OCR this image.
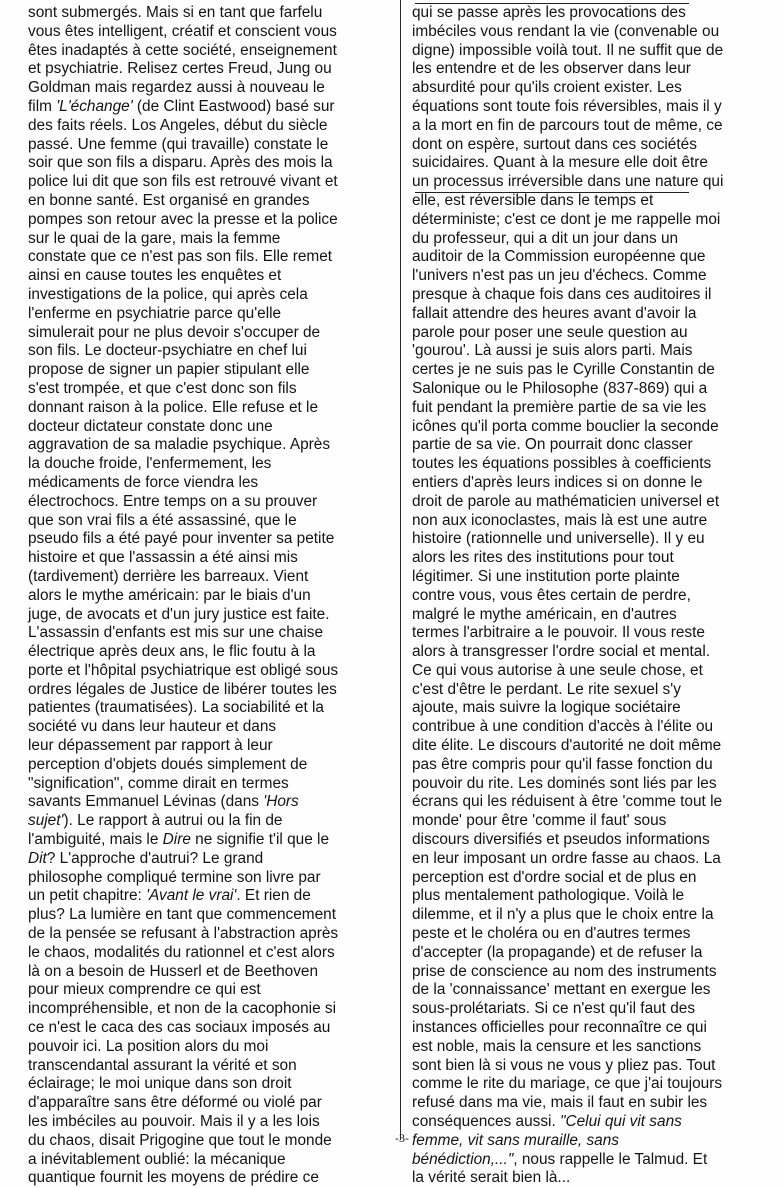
sont submergés. Mais si en tant que farfelu
vous êtes intelligent, créatif et conscient vous
êtes inadaptés à cette société, enseignement
et psychiatrie. Relisez certes Freud, Jung ou
Goldman mais regardez aussi à nouveau le
film 'L'échange' (de Clint Eastwood) basé sur
des faits réels. Los Angeles, début du siècle
passé. Une femme (qui travaille) constate le
soir que son fils a disparu. Après des mois la
police lui dit que son fils est retrouvé vivant et
en bonne santé. Est organisé en grandes
pompes son retour avec la presse et la police
sur le quai de la gare, mais la femme
constate que ce n'est pas son fils. Elle remet
ainsi en cause toutes les enquêtes et
investigations de la police, qui après cela
l'enferme en psychiatrie parce qu'elle
simulerait pour ne plus devoir s'occuper de
son fils. Le docteur-psychiatre en chef lui
propose de signer un papier stipulant elle
s'est trompée, et que c'est donc son fils
donnant raison à la police. Elle refuse et le
docteur dictateur constate donc une
aggravation de sa maladie psychique. Après
la douche froide, l'enfermement, les
médicaments de force viendra les
électrochocs. Entre temps on a su prouver
que son vrai fils a été assassiné, que le
pseudo fils a été payé pour inventer sa petite
histoire et que l'assassin a été ainsi mis
(tardivement) derrière les barreaux. Vient
alors le mythe américain: par le biais d'un
juge, de avocats et d'un jury justice est faite.
L'assassin d'enfants est mis sur une chaise
électrique après deux ans, le flic foutu à la
porte et l'hôpital psychiatrique est obligé sous
ordres légales de Justice de libérer toutes les
patientes (traumatisées). La sociabilité et la
société vu dans leur hauteur et dans
leur dépassement par rapport à leur
perception d'objets doués simplement de
"signification", comme dirait en termes
savants Emmanuel Lévinas (dans 'Hors
sujet'). Le rapport à autrui ou la fin de
l'ambiguité, mais le Dire ne signifie t'il que le
Dit? L'approche d'autrui? Le grand
philosophe compliqué termine son livre par
un petit chapitre: 'Avant le vrai'. Et rien de
plus? La lumière en tant que commencement
de la pensée se refusant à l'abstraction après
le chaos, modalités du rationnel et c'est alors
là on a besoin de Husserl et de Beethoven
pour mieux comprendre ce qui est
incompréhensible, et non de la cacophonie si
ce n'est le caca des cas sociaux imposés au
pouvoir ici. La position alors du moi
transcendantal assurant la vérité et son
éclairage; le moi unique dans son droit
d'apparaître sans être déformé ou violé par
les imbéciles au pouvoir. Mais il y a les lois
du chaos, disait Prigogine que tout le monde
a inévitablement oublié: la mécanique
quantique fournit les moyens de prédire ce
qui se passe après les provocations des
imbéciles vous rendant la vie (convenable ou
digne) impossible voilà tout. Il ne suffit que de
les entendre et de les observer dans leur
absurdité pour qu'ils croient exister. Les
équations sont toute fois réversibles, mais il y
a la mort en fin de parcours tout de même, ce
dont on espère, surtout dans ces sociétés
suicidaires. Quant à la mesure elle doit être
un processus irréversible dans une nature qui
elle, est réversible dans le temps et
déterministe; c'est ce dont je me rappelle moi
du professeur, qui a dit un jour dans un
auditoir de la Commission européenne que
l'univers n'est pas un jeu d'échecs. Comme
presque à chaque fois dans ces auditoires il
fallait attendre des heures avant d'avoir la
parole pour poser une seule question au
'gourou'. Là aussi je suis alors parti. Mais
certes je ne suis pas le Cyrille Constantin de
Salonique ou le Philosophe (837-869) qui a
fuit pendant la première partie de sa vie les
icônes qu'il porta comme bouclier la seconde
partie de sa vie. On pourrait donc classer
toutes les équations possibles à coefficients
entiers d'après leurs indices si on donne le
droit de parole au mathématicien universel et
non aux iconoclastes, mais là est une autre
histoire (rationnelle und universelle). Il y eu
alors les rites des institutions pour tout
légitimer. Si une institution porte plainte
contre vous, vous êtes certain de perdre,
malgré le mythe américain, en d'autres
termes l'arbitraire a le pouvoir. Il vous reste
alors à transgresser l'ordre social et mental.
Ce qui vous autorise à une seule chose, et
c'est d'être le perdant. Le rite sexuel s'y
ajoute, mais suivre la logique sociétaire
contribue à une condition d'accès à l'élite ou
dite élite. Le discours d'autorité ne doit même
pas être compris pour qu'il fasse fonction du
pouvoir du rite. Les dominés sont liés par les
écrans qui les réduisent à être 'comme tout le
monde' pour être 'comme il faut' sous
discours diversifiés et pseudos informations
en leur imposant un ordre fasse au chaos. La
perception est d'ordre social et de plus en
plus mentalement pathologique. Voilà le
dilemme, et il n'y a plus que le choix entre la
peste et le choléra ou en d'autres termes
d'accepter (la propagande) et de refuser la
prise de conscience au nom des instruments
de la 'connaissance' mettant en exergue les
sous-prolétariats. Si ce n'est qu'il faut des
instances officielles pour reconnaître ce qui
est noble, mais la censure et les sanctions
sont bien là si vous ne vous y pliez pas. Tout
comme le rite du mariage, ce que j'ai toujours
refusé dans ma vie, mais il faut en subir les
conséquences aussi. "Celui qui vit sans
femme, vit sans muraille, sans
bénédiction,...", nous rappelle le Talmud. Et
la vérité serait bien là...
-3-
